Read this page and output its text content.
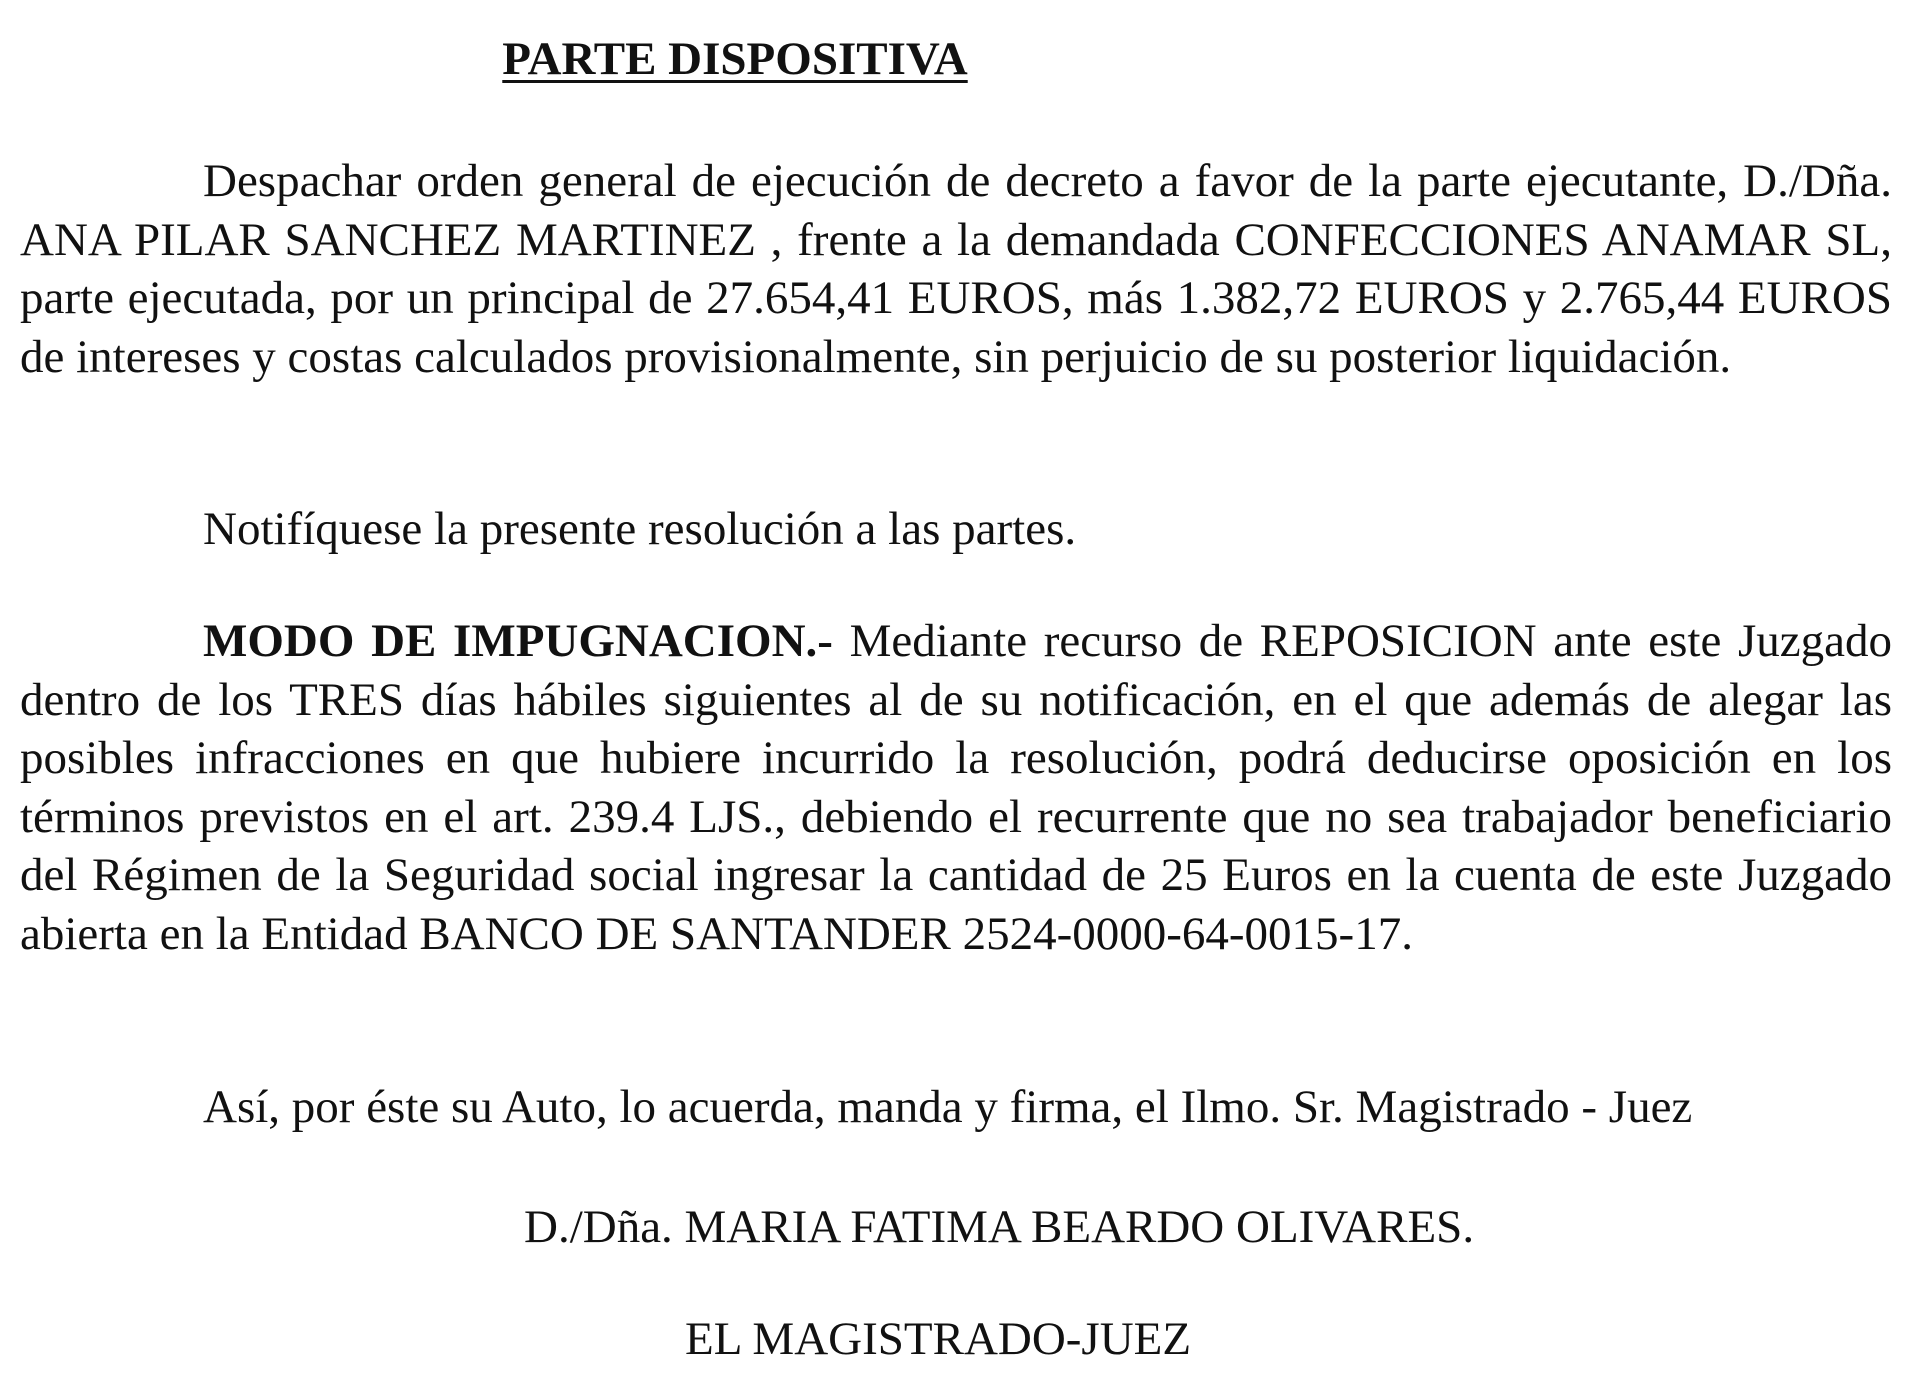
PARTE DISPOSITIVA

Despachar orden general de ejecución de decreto a favor de la parte ejecutante, D./Dña. ANA PILAR SANCHEZ MARTINEZ , frente a la demandada CONFECCIONES ANAMAR SL, parte ejecutada, por un principal de 27.654,41 EUROS, más 1.382,72 EUROS y 2.765,44 EUROS de intereses y costas calculados provisionalmente, sin perjuicio de su posterior liquidación.

Notifíquese la presente resolución a las partes.

MODO DE IMPUGNACION.- Mediante recurso de REPOSICION ante este Juzgado dentro de los TRES días hábiles siguientes al de su notificación, en el que además de alegar las posibles infracciones en que hubiere incurrido la resolución, podrá deducirse oposición en los términos previstos en el art. 239.4 LJS., debiendo el recurrente que no sea trabajador beneficiario del Régimen de la Seguridad social ingresar la cantidad de 25 Euros en la cuenta de este Juzgado abierta en la Entidad BANCO DE SANTANDER 2524-0000-64-0015-17.

Así, por éste su Auto, lo acuerda, manda y firma, el Ilmo. Sr. Magistrado - Juez

D./Dña. MARIA FATIMA BEARDO OLIVARES.

EL MAGISTRADO-JUEZ
